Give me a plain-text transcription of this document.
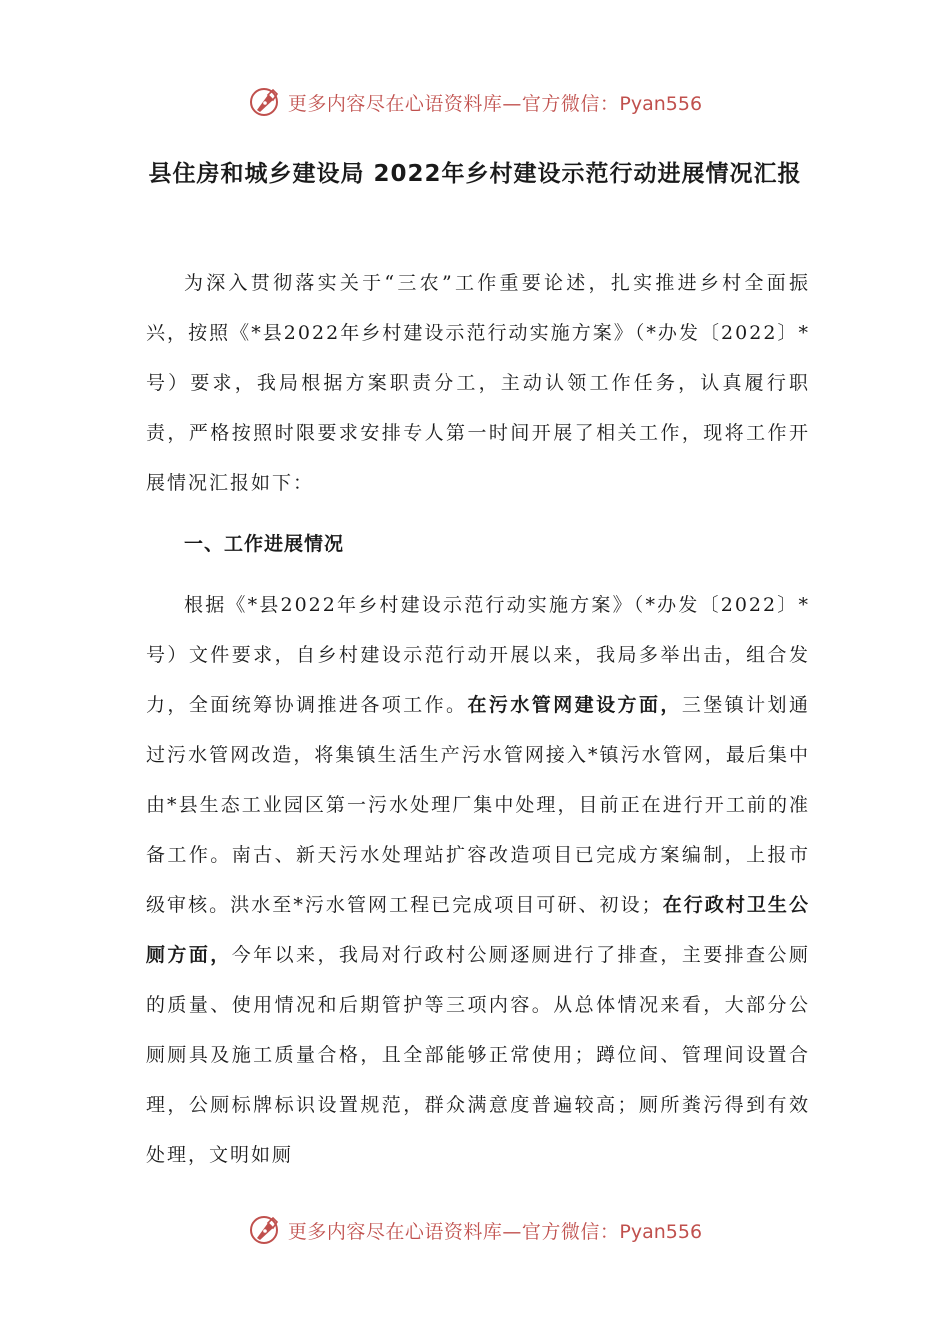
更多内容尽在心语资料库—官方微信：Pyan556
县住房和城乡建设局 2022年乡村建设示范行动进展情况汇报

为深入贯彻落实关于“三农”工作重要论述，扎实推进乡村全面振兴，按照《*县2022年乡村建设示范行动实施方案》（*办发〔2022〕*号）要求，我局根据方案职责分工，主动认领工作任务，认真履行职责，严格按照时限要求安排专人第一时间开展了相关工作，现将工作开展情况汇报如下：

一、工作进展情况

根据《*县2022年乡村建设示范行动实施方案》（*办发〔2022〕*号）文件要求，自乡村建设示范行动开展以来，我局多举出击，组合发力，全面统筹协调推进各项工作。在污水管网建设方面，三堡镇计划通过污水管网改造，将集镇生活生产污水管网接入*镇污水管网，最后集中由*县生态工业园区第一污水处理厂集中处理，目前正在进行开工前的准备工作。南古、新天污水处理站扩容改造项目已完成方案编制，上报市级审核。洪水至*污水管网工程已完成项目可研、初设；在行政村卫生公厕方面，今年以来，我局对行政村公厕逐厕进行了排查，主要排查公厕的质量、使用情况和后期管护等三项内容。从总体情况来看，大部分公厕厕具及施工质量合格，且全部能够正常使用；蹲位间、管理间设置合理，公厕标牌标识设置规范，群众满意度普遍较高；厕所粪污得到有效处理，文明如厕

更多内容尽在心语资料库—官方微信：Pyan556
